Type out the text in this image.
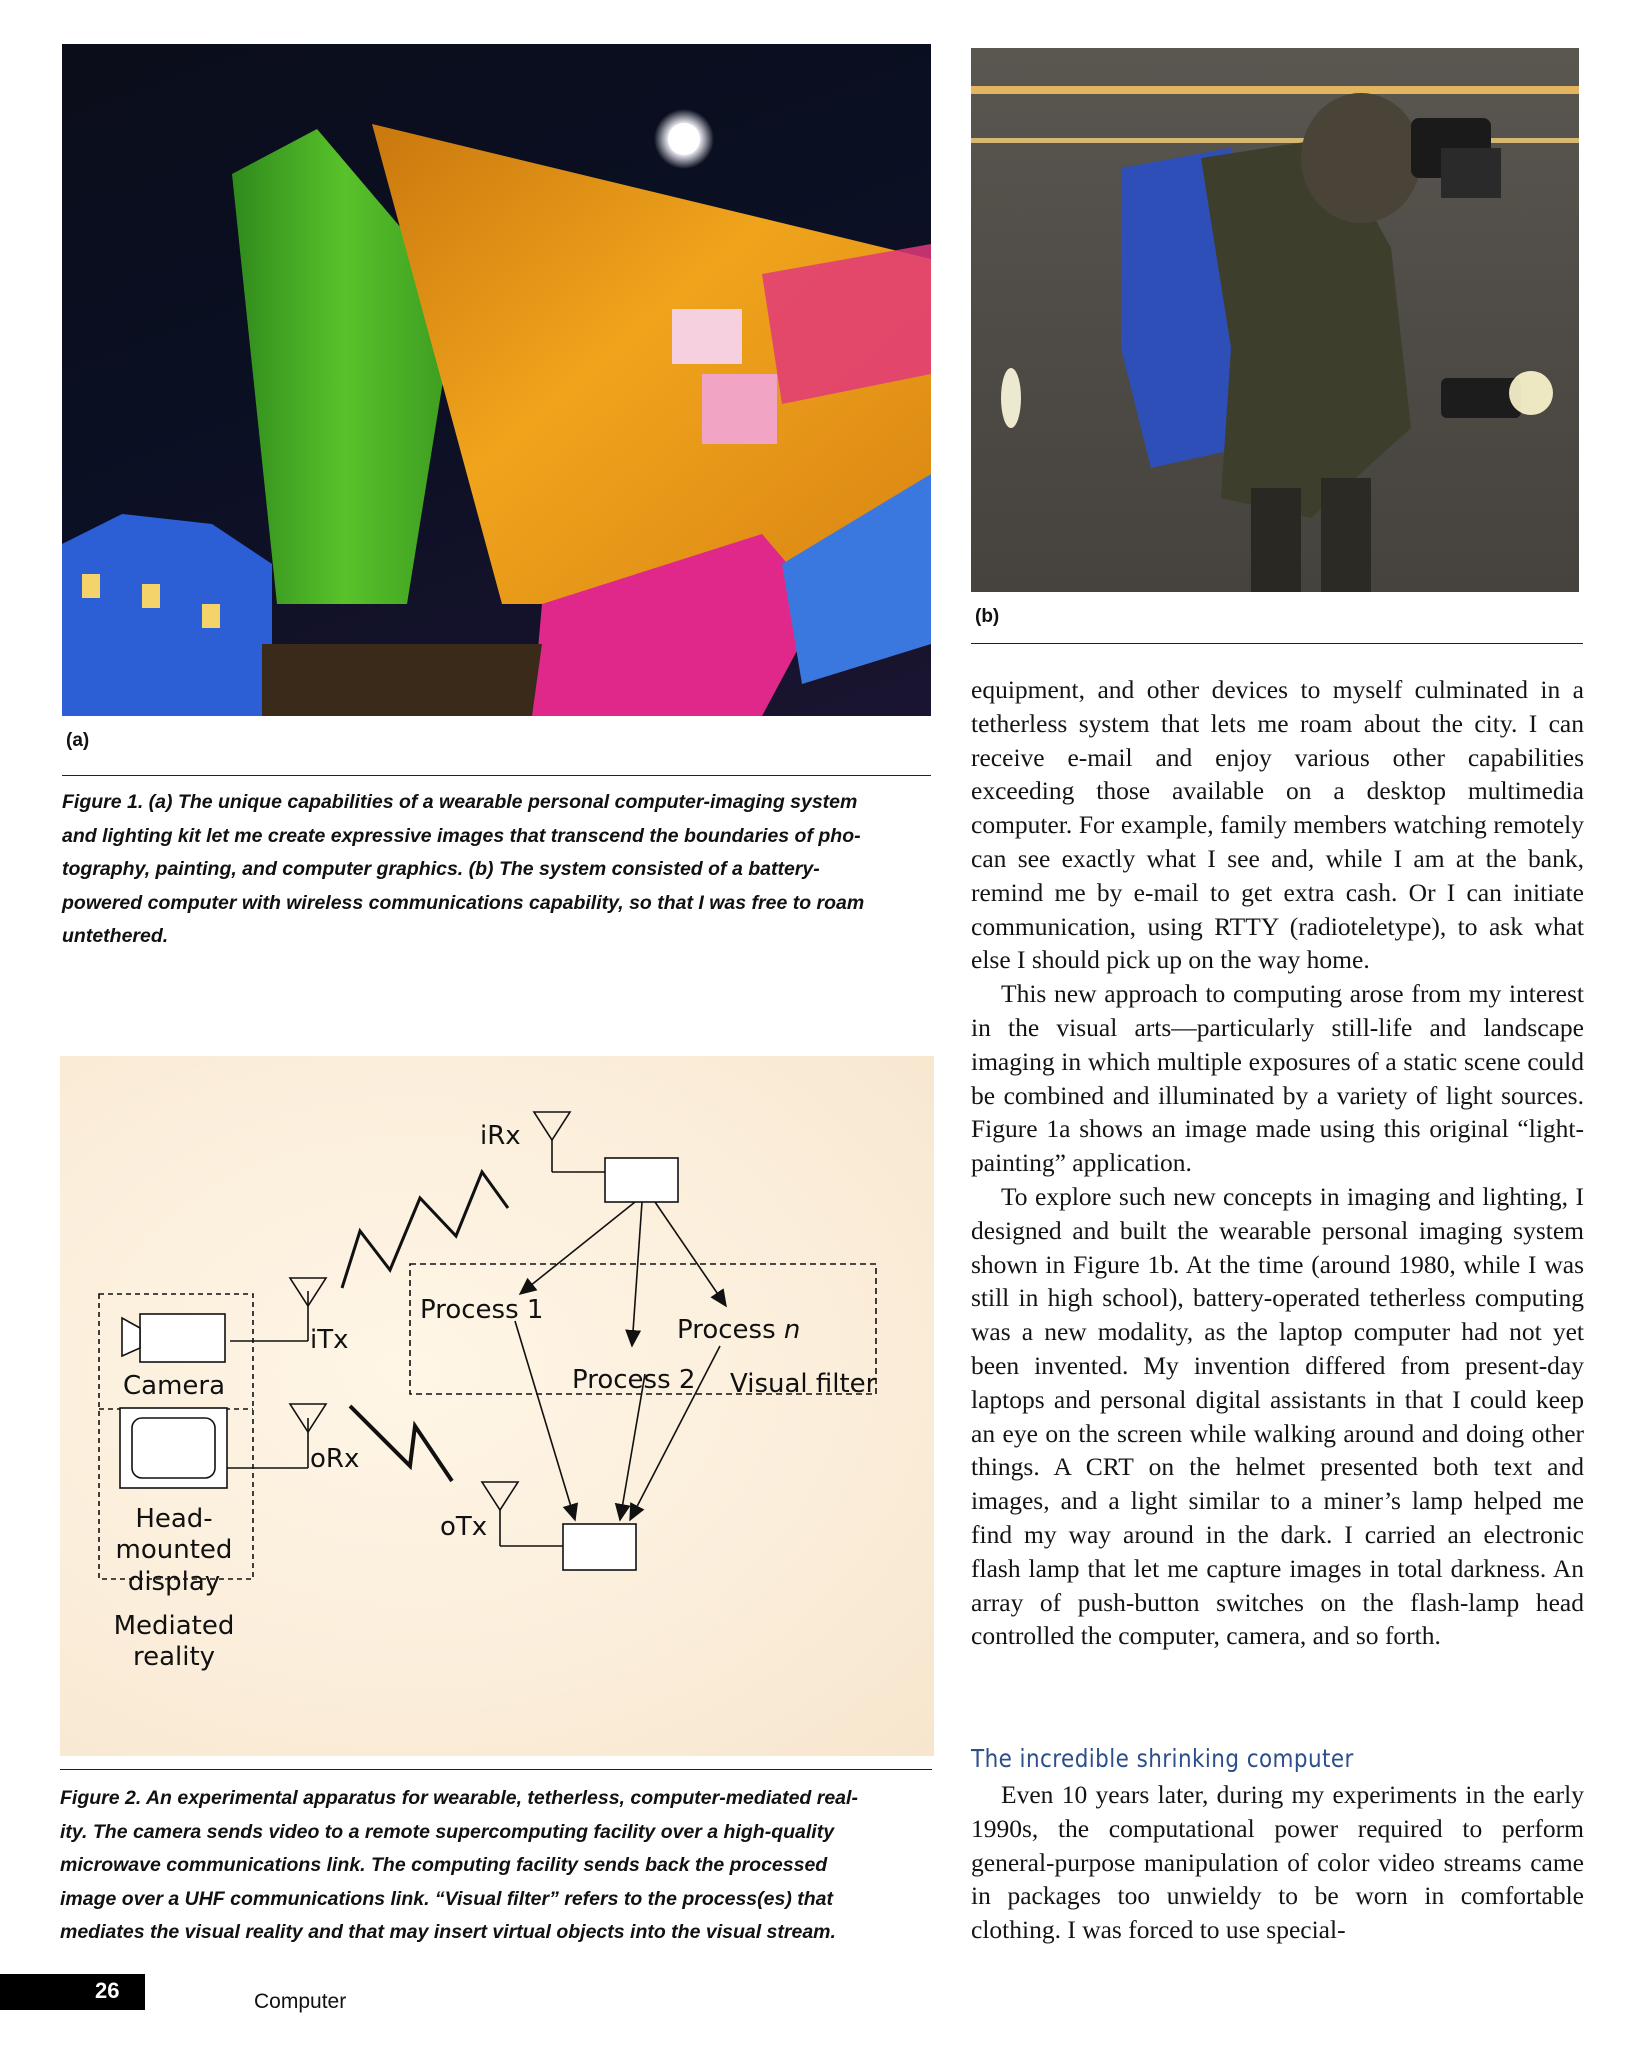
(a)
(b)
Figure 1. (a) The unique capabilities of a wearable personal computer-imaging system
and lighting kit let me create expressive images that transcend the boundaries of pho-
tography, painting, and computer graphics. (b) The system consisted of a battery-
powered computer with wireless communications capability, so that I was free to roam
untethered.
iRx
iTx
oRx
oTx
Process 1
Process 2
Process n
Visual filter
Camera
Head-
mounted
display
Mediated
reality
Figure 2. An experimental apparatus for wearable, tetherless, computer-mediated real-
ity. The camera sends video to a remote supercomputing facility over a high-quality
microwave communications link. The computing facility sends back the processed
image over a UHF communications link. “Visual filter” refers to the process(es) that
mediates the visual reality and that may insert virtual objects into the visual stream.

equipment, and other devices to myself culminated in a tetherless system that lets me roam about the city. I can receive e-mail and enjoy various other capabilities exceeding those available on a desktop multimedia computer. For example, family members watching remotely can see exactly what I see and, while I am at the bank, remind me by e-mail to get extra cash. Or I can initiate communication, using RTTY (radioteletype), to ask what else I should pick up on the way home.

This new approach to computing arose from my interest in the visual arts—particularly still-life and landscape imaging in which multiple exposures of a static scene could be combined and illuminated by a variety of light sources. Figure 1a shows an image made using this original “light-painting” application.

To explore such new concepts in imaging and lighting, I designed and built the wearable personal imaging system shown in Figure 1b. At the time (around 1980, while I was still in high school), battery-operated tetherless computing was a new modality, as the laptop computer had not yet been invented. My invention differed from present-day laptops and personal digital assistants in that I could keep an eye on the screen while walking around and doing other things. A CRT on the helmet presented both text and images, and a light similar to a miner’s lamp helped me find my way around in the dark. I carried an electronic flash lamp that let me capture images in total darkness. An array of push-button switches on the flash-lamp head controlled the computer, camera, and so forth.

The incredible shrinking computer

Even 10 years later, during my experiments in the early 1990s, the computational power required to perform general-purpose manipulation of color video streams came in packages too unwieldy to be worn in comfortable clothing. I was forced to use special-

26	Computer
